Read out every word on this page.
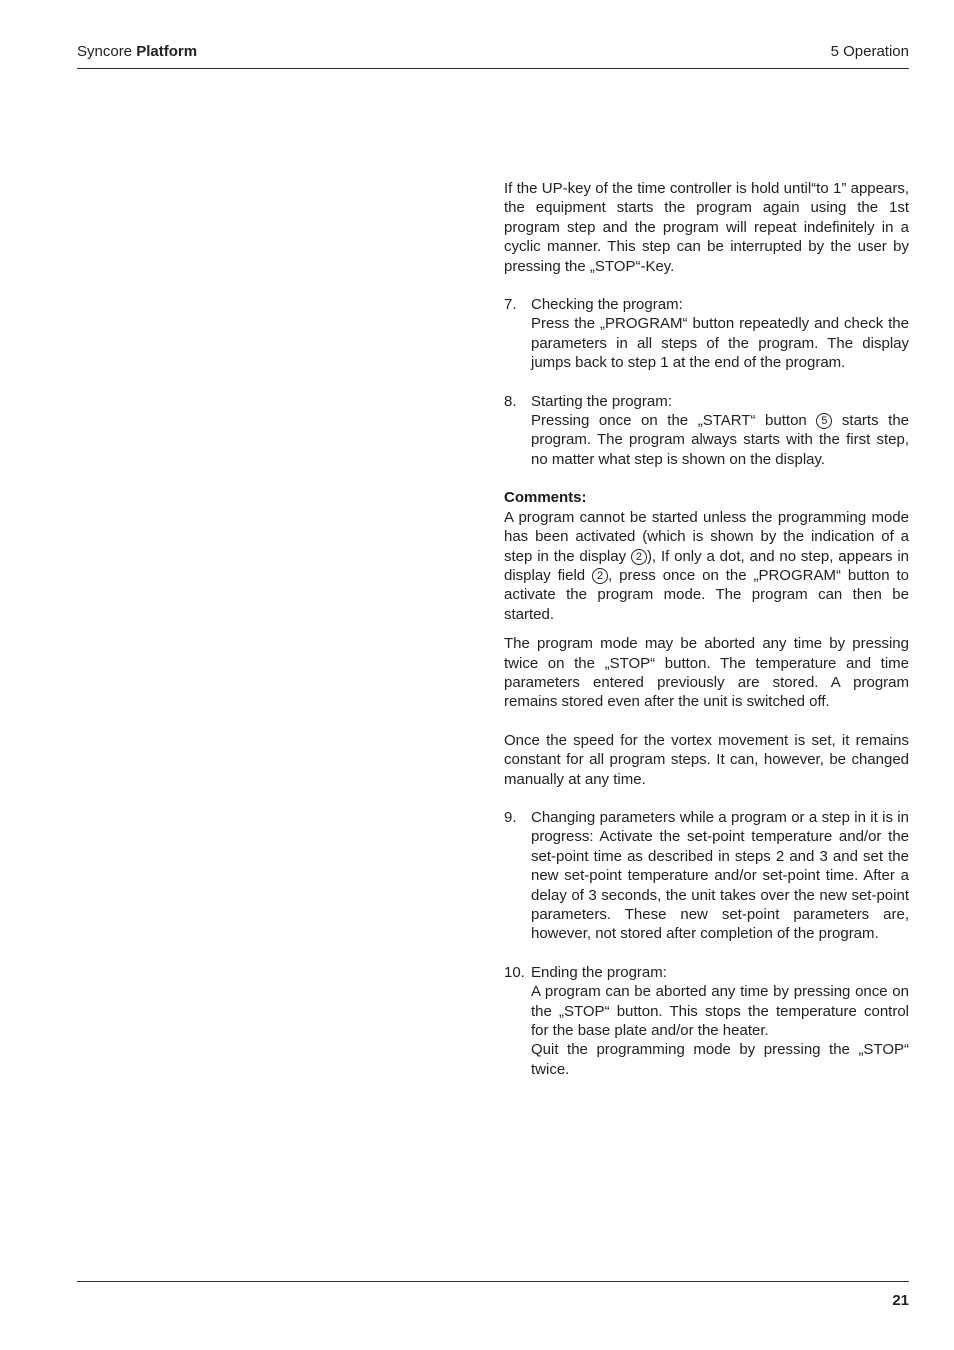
Syncore Platform	5 Operation

If the UP-key of the time controller is hold until“to 1” appears, the equipment starts the program again using the 1st program step and the program will repeat indefinitely in a cyclic manner. This step can be interrupted by the user by pressing the „STOP“-Key.

7. Checking the program:

Press the „PROGRAM“ button repeatedly and check the parameters in all steps of the program. The display jumps back to step 1 at the end of the program.

8. Starting the program:

Pressing once on the „START“ button 5 starts the program. The program always starts with the first step, no matter what step is shown on the display.

Comments:

A program cannot be started unless the programming mode has been activated (which is shown by the indication of a step in the display 2 ), If only a dot, and no step, appears in display field 2 , press once on the „PROGRAM“ button to activate the program mode. The program can then be started.

The program mode may be aborted any time by pressing twice on the „STOP“ button. The temperature and time parameters entered previously are stored. A program remains stored even after the unit is switched off.

Once the speed for the vortex movement is set, it remains constant for all program steps. It can, however, be changed manually at any time.

9. Changing parameters while a program or a step in it is in progress: Activate the set-point temperature and/or the set-point time as described in steps 2 and 3 and set the new set-point temperature and/or set-point time. After a delay of 3 seconds, the unit takes over the new set-point parameters. These new set-point parameters are, however, not stored after completion of the program.

10. Ending the program:

A program can be aborted any time by pressing once on the „STOP“ button. This stops the temperature control for the base plate and/or the heater.

Quit the programming mode by pressing the „STOP“ twice.

21
